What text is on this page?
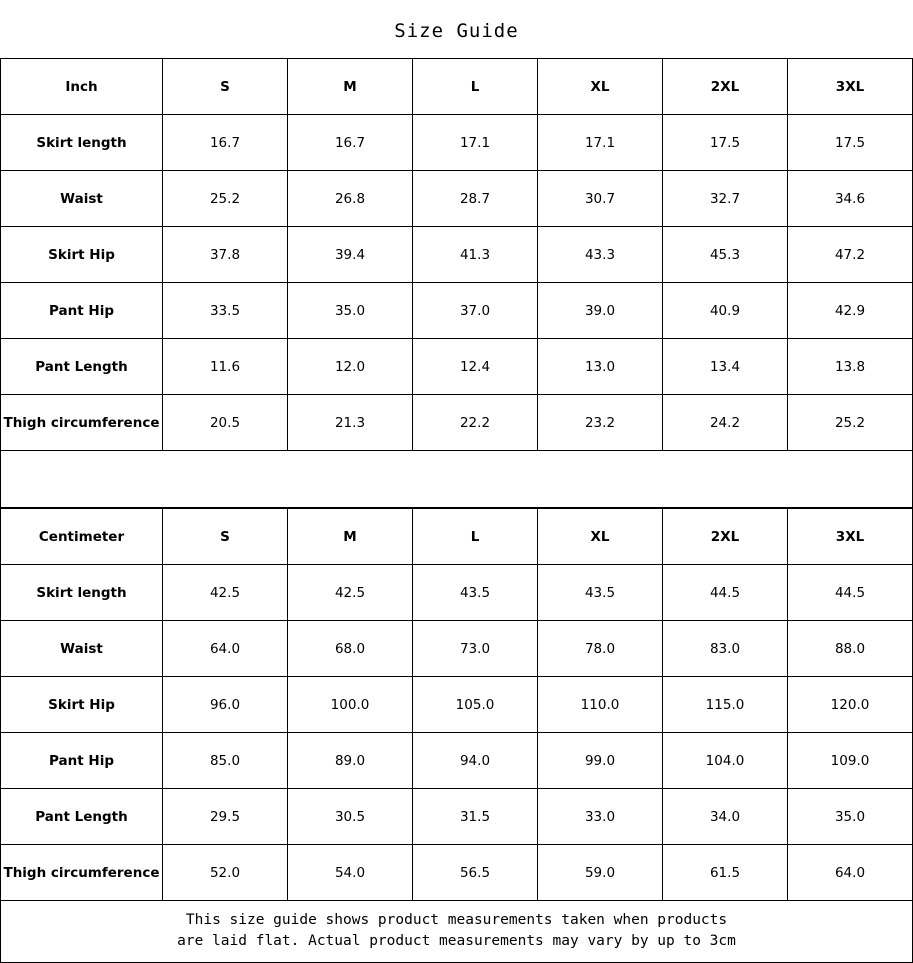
Size Guide
Inch	S	M	L	XL	2XL	3XL
Skirt length	16.7	16.7	17.1	17.1	17.5	17.5
Waist	25.2	26.8	28.7	30.7	32.7	34.6
Skirt Hip	37.8	39.4	41.3	43.3	45.3	47.2
Pant Hip	33.5	35.0	37.0	39.0	40.9	42.9
Pant Length	11.6	12.0	12.4	13.0	13.4	13.8
Thigh circumference	20.5	21.3	22.2	23.2	24.2	25.2
Centimeter	S	M	L	XL	2XL	3XL
Skirt length	42.5	42.5	43.5	43.5	44.5	44.5
Waist	64.0	68.0	73.0	78.0	83.0	88.0
Skirt Hip	96.0	100.0	105.0	110.0	115.0	120.0
Pant Hip	85.0	89.0	94.0	99.0	104.0	109.0
Pant Length	29.5	30.5	31.5	33.0	34.0	35.0
Thigh circumference	52.0	54.0	56.5	59.0	61.5	64.0
This size guide shows product measurements taken when products
are laid flat. Actual product measurements may vary by up to 3cm
